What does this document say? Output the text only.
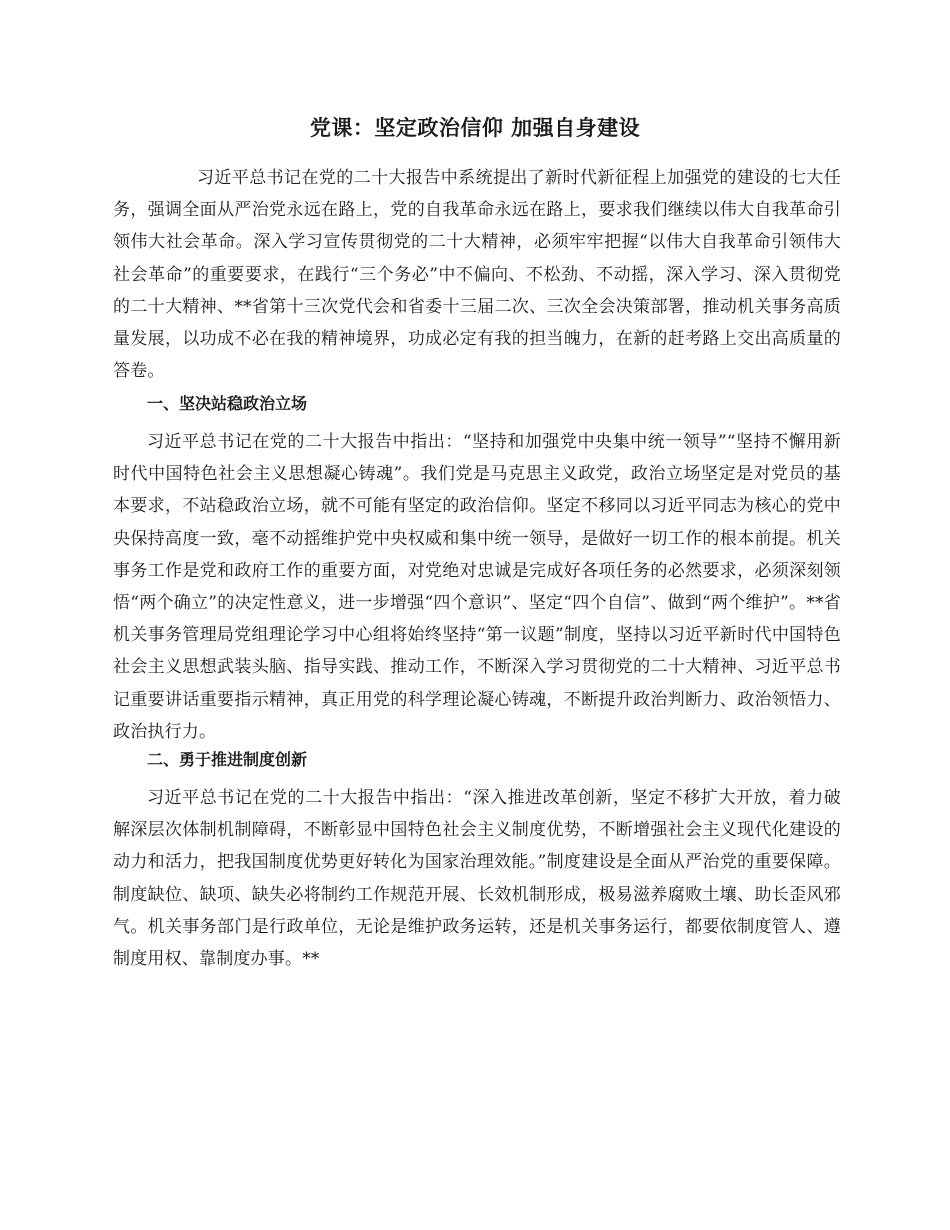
党课：坚定政治信仰 加强自身建设

习近平总书记在党的二十大报告中系统提出了新时代新征程上加强党的建设的七大任务，强调全面从严治党永远在路上，党的自我革命永远在路上，要求我们继续以伟大自我革命引领伟大社会革命。深入学习宣传贯彻党的二十大精神，必须牢牢把握“以伟大自我革命引领伟大社会革命”的重要要求，在践行“三个务必”中不偏向、不松劲、不动摇，深入学习、深入贯彻党的二十大精神、**省第十三次党代会和省委十三届二次、三次全会决策部署，推动机关事务高质量发展，以功成不必在我的精神境界，功成必定有我的担当魄力，在新的赶考路上交出高质量的答卷。

一、坚决站稳政治立场

习近平总书记在党的二十大报告中指出：“坚持和加强党中央集中统一领导”“坚持不懈用新时代中国特色社会主义思想凝心铸魂”。我们党是马克思主义政党，政治立场坚定是对党员的基本要求，不站稳政治立场，就不可能有坚定的政治信仰。坚定不移同以习近平同志为核心的党中央保持高度一致，毫不动摇维护党中央权威和集中统一领导，是做好一切工作的根本前提。机关事务工作是党和政府工作的重要方面，对党绝对忠诚是完成好各项任务的必然要求，必须深刻领悟“两个确立”的决定性意义，进一步增强“四个意识”、坚定“四个自信”、做到“两个维护”。**省机关事务管理局党组理论学习中心组将始终坚持“第一议题”制度，坚持以习近平新时代中国特色社会主义思想武装头脑、指导实践、推动工作，不断深入学习贯彻党的二十大精神、习近平总书记重要讲话重要指示精神，真正用党的科学理论凝心铸魂，不断提升政治判断力、政治领悟力、政治执行力。

二、勇于推进制度创新

习近平总书记在党的二十大报告中指出：“深入推进改革创新，坚定不移扩大开放，着力破解深层次体制机制障碍，不断彰显中国特色社会主义制度优势，不断增强社会主义现代化建设的动力和活力，把我国制度优势更好转化为国家治理效能。”制度建设是全面从严治党的重要保障。制度缺位、缺项、缺失必将制约工作规范开展、长效机制形成，极易滋养腐败土壤、助长歪风邪气。机关事务部门是行政单位，无论是维护政务运转，还是机关事务运行，都要依制度管人、遵制度用权、靠制度办事。**
